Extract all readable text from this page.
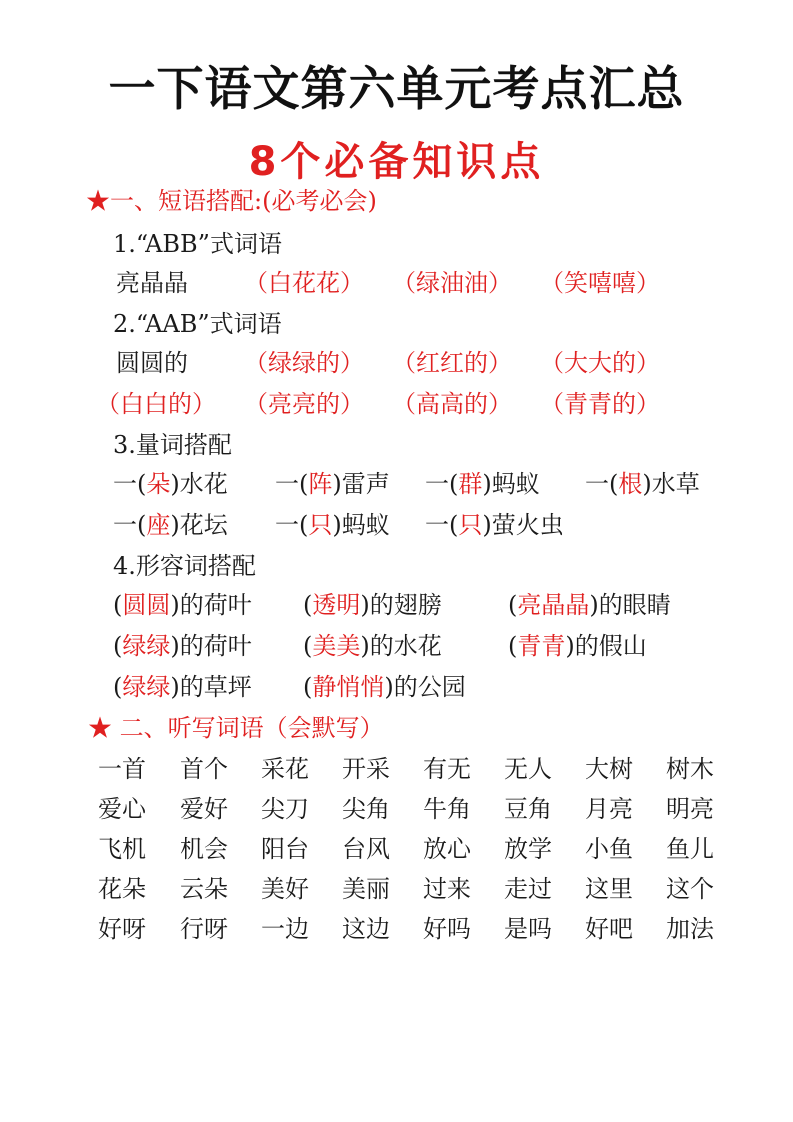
一下语文第六单元考点汇总
8个必备知识点
★一、短语搭配:(必考必会)
1.“ABB”式词语
亮晶晶 （白花花） （绿油油） （笑嘻嘻）
2.“AAB”式词语
圆圆的 （绿绿的） （红红的） （大大的）
（白白的） （亮亮的） （高高的） （青青的）
3.量词搭配
一(朵)水花 一(阵)雷声 一(群)蚂蚁 一(根)水草
一(座)花坛 一(只)蚂蚁 一(只)萤火虫
4.形容词搭配
(圆圆)的荷叶 (透明)的翅膀	(亮晶晶)的眼睛
(绿绿)的荷叶 (美美)的水花	(青青)的假山
(绿绿)的草坪 (静悄悄)的公园
★ 二、听写词语（会默写）
一首 首个 采花 开采 有无 无人 大树 树木
爱心 爱好 尖刀 尖角 牛角 豆角 月亮 明亮
飞机 机会 阳台 台风 放心 放学 小鱼 鱼儿
花朵 云朵 美好 美丽 过来 走过 这里 这个
好呀 行呀 一边 这边 好吗 是吗 好吧 加法
